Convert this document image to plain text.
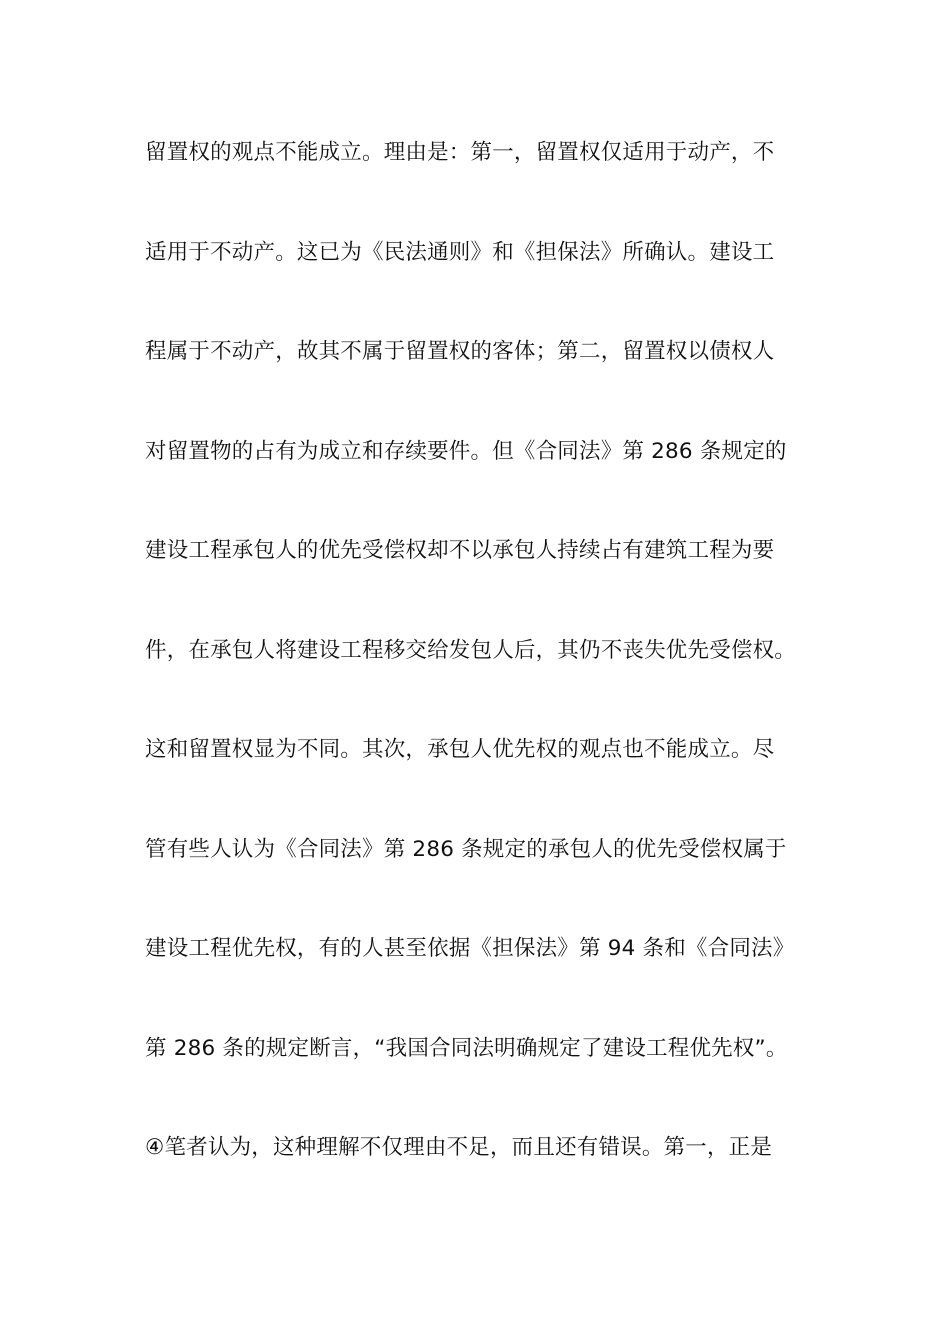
留置权的观点不能成立。理由是：第一，留置权仅适用于动产，不
适用于不动产。这已为《民法通则》和《担保法》所确认。建设工
程属于不动产，故其不属于留置权的客体；第二，留置权以债权人
对留置物的占有为成立和存续要件。但《合同法》第 286 条规定的
建设工程承包人的优先受偿权却不以承包人持续占有建筑工程为要
件，在承包人将建设工程移交给发包人后，其仍不丧失优先受偿权。
这和留置权显为不同。其次，承包人优先权的观点也不能成立。尽
管有些人认为《合同法》第 286 条规定的承包人的优先受偿权属于
建设工程优先权，有的人甚至依据《担保法》第 94 条和《合同法》
第 286 条的规定断言，“我国合同法明确规定了建设工程优先权”。
④笔者认为，这种理解不仅理由不足，而且还有错误。第一，正是
